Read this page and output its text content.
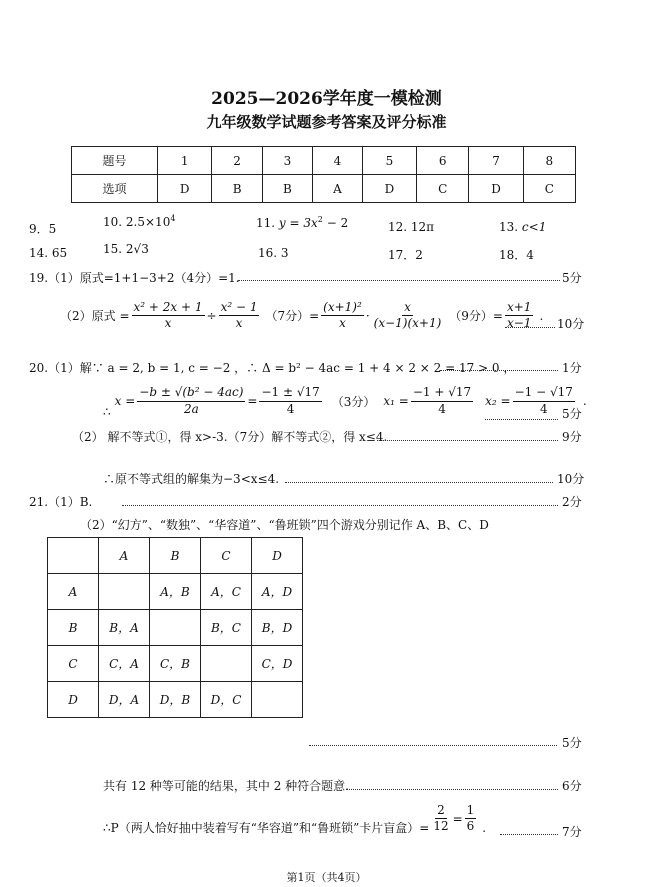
2025—2026学年度一模检测
九年级数学试题参考答案及评分标准
题号	1	2	3	4	5	6	7	8
选项	D	B	B	A	D	C	D	C
9．5	10. $2.5\times 10^4$	11. $y = 3x^2 - 2$	12. 12π	13. c<1
14. 65	15. 2√3	16. 3	17．2	18．4
19.（1）原式=1+1−3+2（4分）=1.	5分
（2）原式 = $\frac{\text{x² + 2x + 1}}{x} \div \frac{\text{x² − 1}}{x} (7$分）= $\frac{\text{(x+1)²}}{x} \cdot \frac{x}{(x-1)(x+1)} (9$分）= $\frac{x+1}{x-1}$ .
10分
20.（1）解∵ a = 2, b = 1, c = −2 ，∴ Δ = b² − 4ac = 1 + 4 × 2 × 2 = 17 > 0 ，	1分
∴
$x = \frac{\text{−b ± √(b² − 4ac)}}{2a} = \frac{-1 \pm √17}{4} (3$分） $x_1 = \frac{-1 + √17}{4} x_2 = \frac{-1 - √17}{4}$ .
5分
（2） 解不等式①，得 x>-3.（7分）解不等式②，得 x≤4.	9分
∴原不等式组的解集为−3<x≤4.	10分
21.（1）B.	2分
（2）“幻方”、“数独”、“华容道”、“鲁班锁”四个游戏分别记作 A、B、C、D
	A	B	C	D
A		A，B	A，C	A，D
B	B，A		B，C	B，D
C	C，A	C，B		C，D
D	D，A	D，B	D，C	
5分
共有 12 种等可能的结果，其中 2 种符合题意.	6分
∴P（两人恰好抽中装着写有“华容道”和“鲁班锁”卡片盲盒）= $\frac{2}{12} = \frac{1}{6}$ .	7分
第1页（共4页）
